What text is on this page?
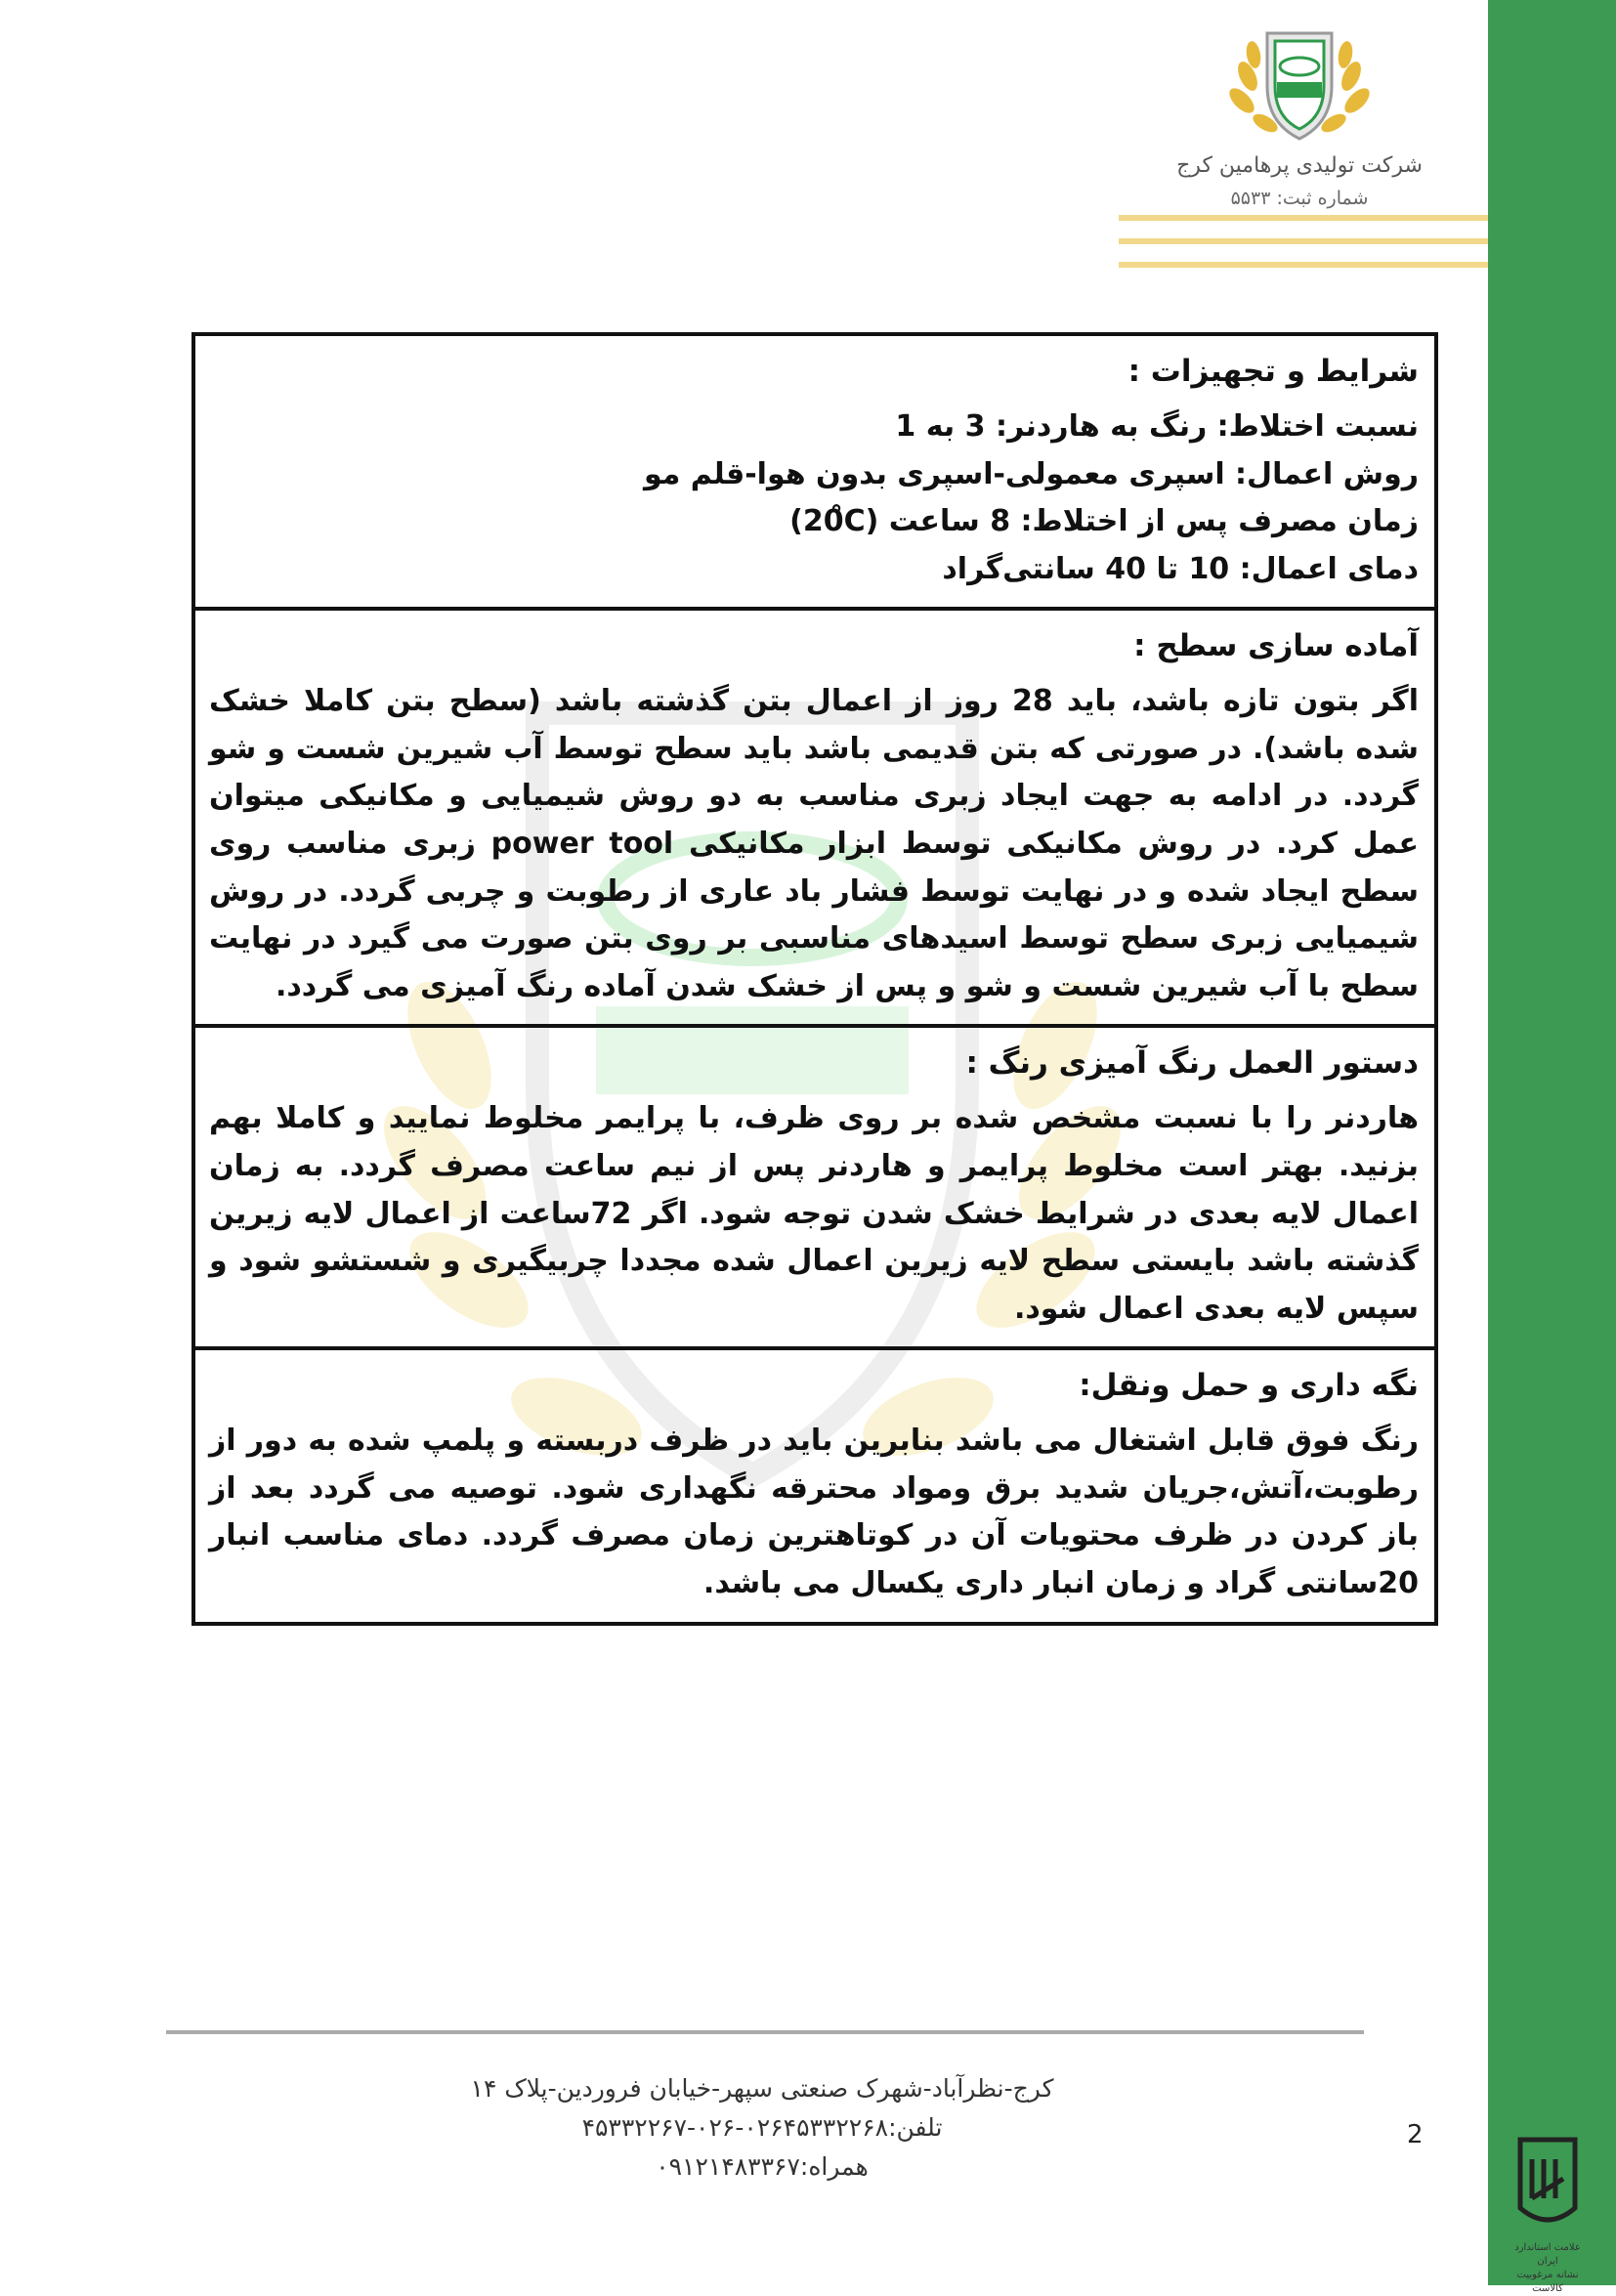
شرکت تولیدی پرهامین کرج
شماره ثبت: ۵۵۳۳
شرایط و تجهیزات :

نسبت اختلاط: رنگ به هاردنر: 3 به 1

روش اعمال: اسپری معمولی-اسپری بدون هوا-قلم مو

زمان مصرف پس از اختلاط: 8 ساعت (20̊C)

دمای اعمال: 10 تا 40 سانتی‌گراد

آماده سازی سطح :

اگر بتون تازه باشد، باید 28 روز از اعمال بتن گذشته باشد (سطح بتن کاملا خشک شده باشد). در صورتی که بتن قدیمی باشد باید سطح توسط آب شیرین شست و شو گردد. در ادامه به جهت ایجاد زبری مناسب به دو روش شیمیایی و مکانیکی میتوان عمل کرد. در روش مکانیکی توسط ابزار مکانیکی power tool زبری مناسب روی سطح ایجاد شده و در نهایت توسط فشار باد عاری از رطوبت و چربی گردد. در روش شیمیایی زبری سطح توسط اسیدهای مناسبی بر روی بتن صورت می گیرد در نهایت سطح با آب شیرین شست و شو و پس از خشک شدن آماده رنگ آمیزی می گردد.

دستور العمل رنگ آمیزی رنگ :

هاردنر را با نسبت مشخص شده بر روی ظرف، با پرایمر مخلوط نمایید و کاملا بهم بزنید. بهتر است مخلوط پرایمر و هاردنر پس از نیم ساعت مصرف گردد. به زمان اعمال لایه بعدی در شرایط خشک شدن توجه شود. اگر 72ساعت از اعمال لایه زیرین گذشته باشد بایستی سطح لایه زیرین اعمال شده مجددا چربیگیری و شستشو شود و سپس لایه بعدی اعمال شود.

نگه داری و حمل ونقل:

رنگ فوق قابل اشتغال می باشد بنابرین باید در ظرف دربسته و پلمپ شده به دور از رطوبت،آتش،جریان شدید برق ومواد محترقه نگهداری شود. توصیه می گردد بعد از باز کردن در ظرف محتویات آن در کوتاهترین زمان مصرف گردد. دمای مناسب انبار 20سانتی گراد و زمان انبار داری یکسال می باشد.

کرج-نظرآباد-شهرک صنعتی سپهر-خیابان فروردین-پلاک ۱۴
تلفن:۰۲۶۴۵۳۳۲۲۶۸-۰۲۶-۴۵۳۳۲۲۶۷
همراه:۰۹۱۲۱۴۸۳۳۶۷
2
علامت استاندارد ایران
نشانه مرغوبیت کالاست
